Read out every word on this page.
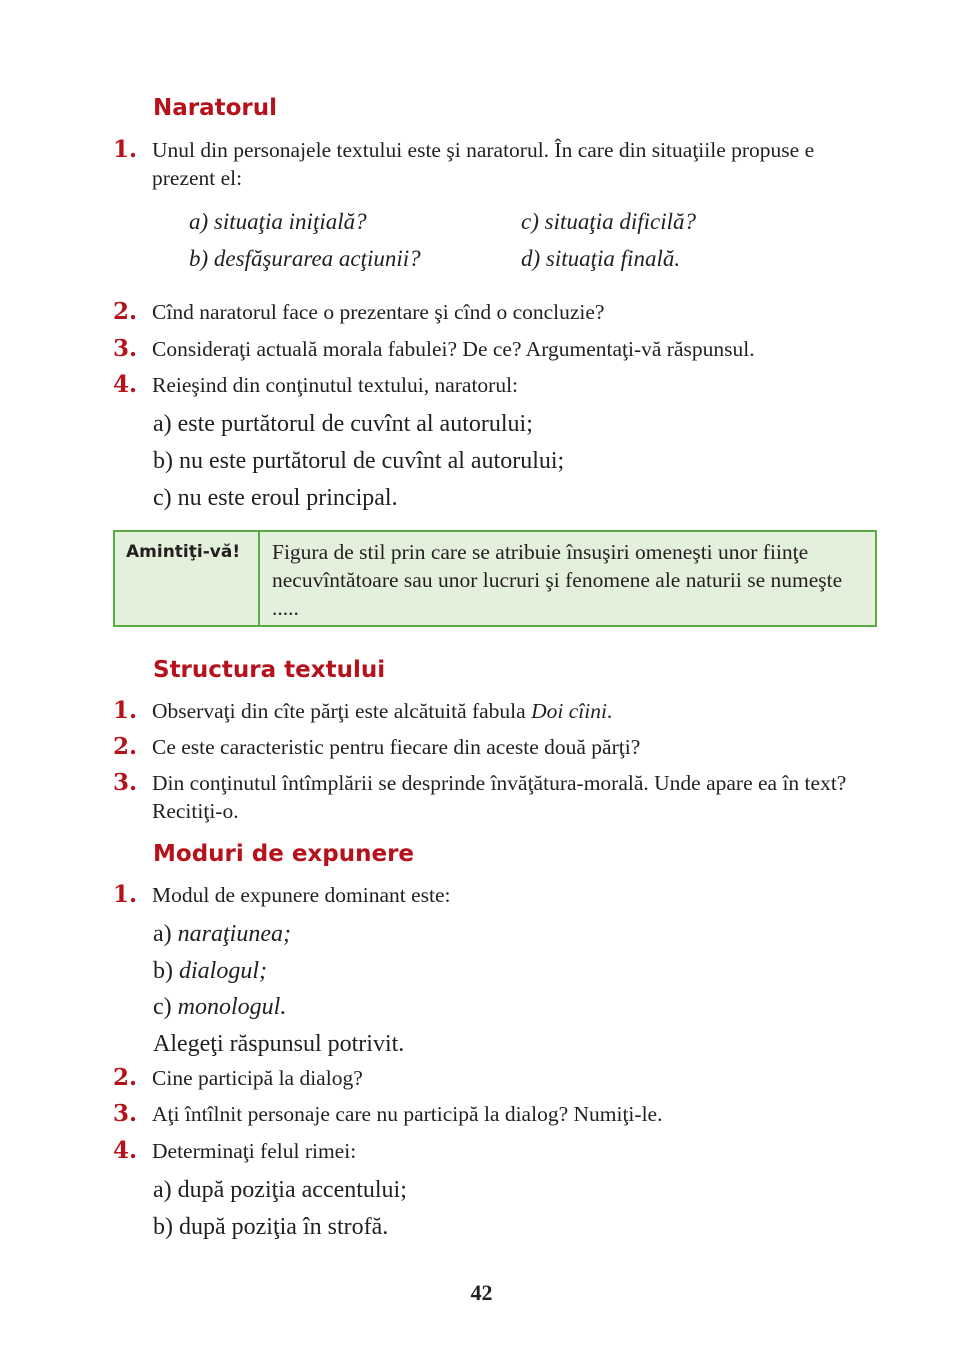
Naratorul
1. Unul din personajele textului este şi naratorul. În care din situaţiile propuse e prezent el:
a) situaţia iniţială?	c) situaţia dificilă?
b) desfăşurarea acţiunii?	d) situaţia finală.
2. Cînd naratorul face o prezentare şi cînd o concluzie?
3. Consideraţi actuală morala fabulei? De ce? Argumentaţi-vă răspunsul.
4. Reieşind din conţinutul textului, naratorul:
a) este purtătorul de cuvînt al autorului;
b) nu este purtătorul de cuvînt al autorului;
c) nu este eroul principal.
Amintiţi-vă!	Figura de stil prin care se atribuie însuşiri omeneşti unor fiinţe necuvîntătoare sau unor lucruri şi fenomene ale naturii se numeşte .....
Structura textului
1. Observaţi din cîte părţi este alcătuită fabula Doi cîini.
2. Ce este caracteristic pentru fiecare din aceste două părţi?
3. Din conţinutul întîmplării se desprinde învăţătura-morală. Unde apare ea în text? Recitiţi-o.
Moduri de expunere
1. Modul de expunere dominant este:
a) naraţiunea;
b) dialogul;
c) monologul.
Alegeţi răspunsul potrivit.
2. Cine participă la dialog?
3. Aţi întîlnit personaje care nu participă la dialog? Numiţi-le.
4. Determinaţi felul rimei:
a) după poziţia accentului;
b) după poziţia în strofă.
42
